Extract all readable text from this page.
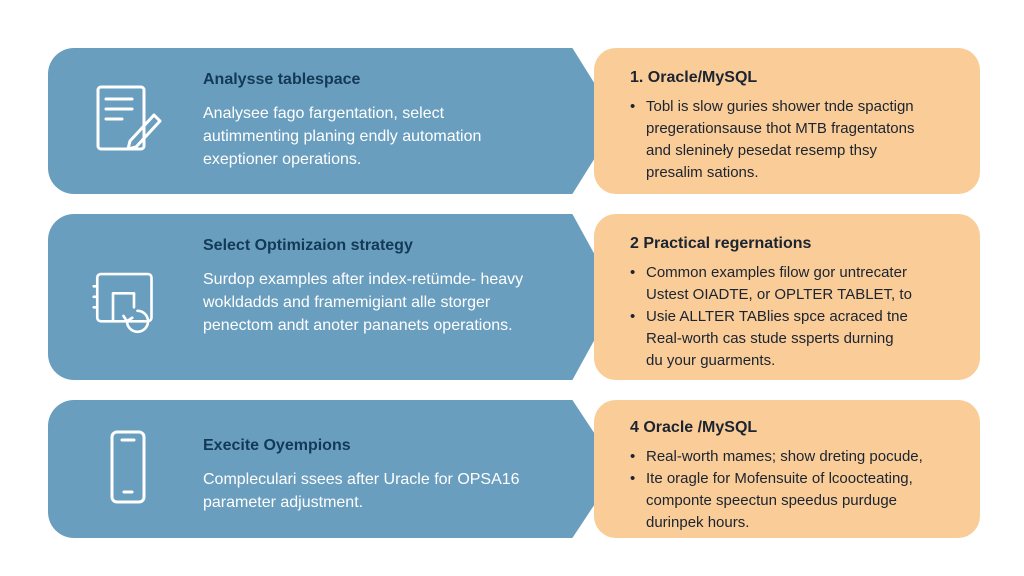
Analysse tablespace

Analysee fago fargentation, select autimmenting planing endly automation exeptioner operations.

1. Oracle/MySQL

• Tobl is slow guries shower tnde spactign
pregerationsause thot MTB fragentatons
and slenineły pesedat resemp thsy
presalim sations.

Select Optimizaion strategy

Surdop examples after index-retümde- heavy wokldadds and framemigiant alle storger penectom andt anoter pananets operations.

2 Practical regernations

• Common examples filow gor untrecater
Ustest OIADTE, or OPLTER TABLET, to
• Usie ALLTER TABlies spce acraced tne
Real-worth cas stude ssperts durning
du your guarments.

Execite Oyempions

Compleculari ssees after Uracle for OPSA16 parameter adjustment.

4 Oracle /MySQL

• Real-worth mames; show dreting pocude,
• Ite oragle for Mofensuite of lcoocteating,
componte speectun speedus purduge
durinpek hours.
